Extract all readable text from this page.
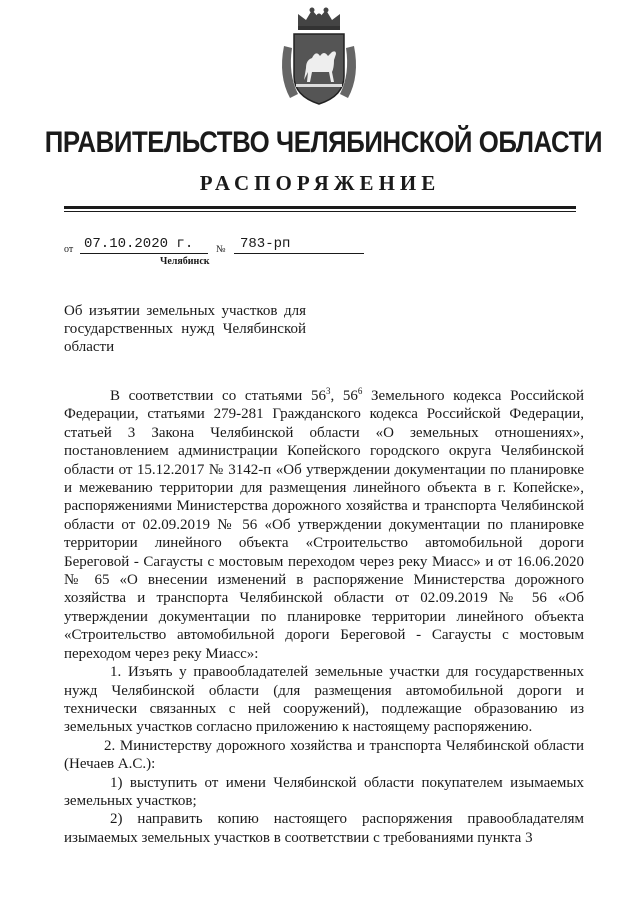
ПРАВИТЕЛЬСТВО ЧЕЛЯБИНСКОЙ ОБЛАСТИ
РАСПОРЯЖЕНИЕ
от 07.10.2020 г.	№	783-рп
Челябинск
Об изъятии земельных участков для государственных нужд Челябинской области

В соответствии со статьями $56^3$, $56^6$ Земельного кодекса Российской Федерации, статьями 279-281 Гражданского кодекса Российской Федерации, статьей 3 Закона Челябинской области «О земельных отношениях», постановлением администрации Копейского городского округа Челябинской области от 15.12.2017 № 3142-п «Об утверждении документации по планировке и межеванию территории для размещения линейного объекта в г. Копейске», распоряжениями Министерства дорожного хозяйства и транспорта Челябинской области от 02.09.2019 № 56 «Об утверждении документации по планировке территории линейного объекта «Строительство автомобильной дороги Береговой - Сагаусты с мостовым переходом через реку Миасс» и от 16.06.2020 № 65 «О внесении изменений в распоряжение Министерства дорожного хозяйства и транспорта Челябинской области от 02.09.2019 № 56 «Об утверждении документации по планировке территории линейного объекта «Строительство автомобильной дороги Береговой - Сагаусты с мостовым переходом через реку Миасс»:

1. Изъять у правообладателей земельные участки для государственных нужд Челябинской области (для размещения автомобильной дороги и технически связанных с ней сооружений), подлежащие образованию из земельных участков согласно приложению к настоящему распоряжению.

2. Министерству дорожного хозяйства и транспорта Челябинской области (Нечаев А.С.):

1) выступить от имени Челябинской области покупателем изымаемых земельных участков;

2) направить копию настоящего распоряжения правообладателям изымаемых земельных участков в соответствии с требованиями пункта 3
